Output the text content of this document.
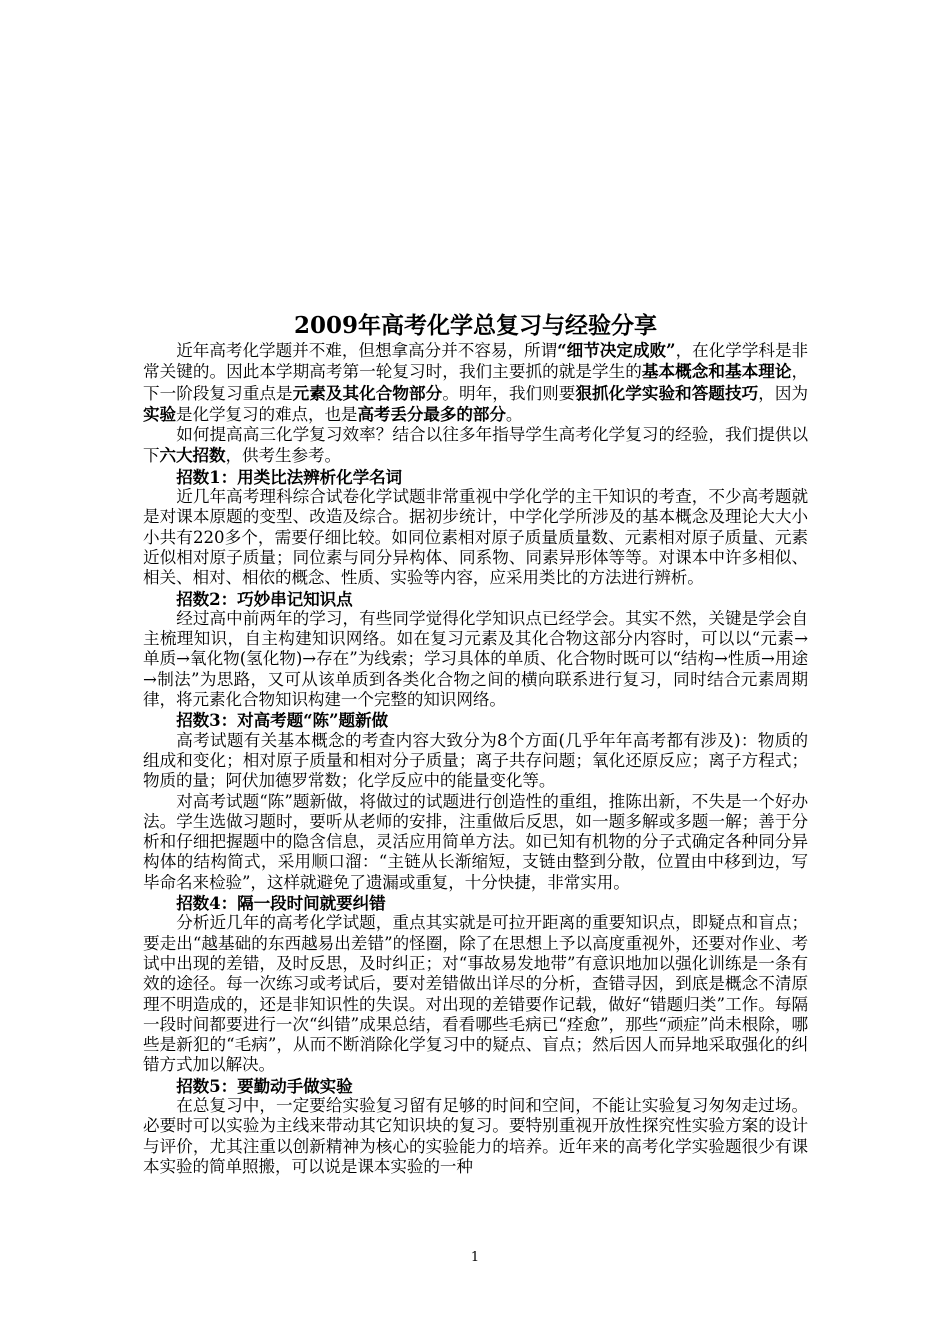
2009年高考化学总复习与经验分享

近年高考化学题并不难，但想拿高分并不容易，所谓“细节决定成败”，在化学学科是非常关键的。因此本学期高考第一轮复习时，我们主要抓的就是学生的基本概念和基本理论，下一阶段复习重点是元素及其化合物部分。明年，我们则要狠抓化学实验和答题技巧，因为实验是化学复习的难点，也是高考丢分最多的部分。

如何提高高三化学复习效率？结合以往多年指导学生高考化学复习的经验，我们提供以下六大招数，供考生参考。

招数1：用类比法辨析化学名词

近几年高考理科综合试卷化学试题非常重视中学化学的主干知识的考查，不少高考题就是对课本原题的变型、改造及综合。据初步统计，中学化学所涉及的基本概念及理论大大小小共有220多个，需要仔细比较。如同位素相对原子质量质量数、元素相对原子质量、元素近似相对原子质量；同位素与同分异构体、同系物、同素异形体等等。对课本中许多相似、相关、相对、相依的概念、性质、实验等内容，应采用类比的方法进行辨析。

招数2：巧妙串记知识点

经过高中前两年的学习，有些同学觉得化学知识点已经学会。其实不然，关键是学会自主梳理知识，自主构建知识网络。如在复习元素及其化合物这部分内容时，可以以“元素→单质→氧化物(氢化物)→存在”为线索；学习具体的单质、化合物时既可以“结构→性质→用途→制法”为思路，又可从该单质到各类化合物之间的横向联系进行复习，同时结合元素周期律，将元素化合物知识构建一个完整的知识网络。

招数3：对高考题“陈”题新做

高考试题有关基本概念的考查内容大致分为8个方面(几乎年年高考都有涉及)：物质的组成和变化；相对原子质量和相对分子质量；离子共存问题；氧化还原反应；离子方程式；物质的量；阿伏加德罗常数；化学反应中的能量变化等。

对高考试题“陈”题新做，将做过的试题进行创造性的重组，推陈出新，不失是一个好办法。学生选做习题时，要听从老师的安排，注重做后反思，如一题多解或多题一解；善于分析和仔细把握题中的隐含信息，灵活应用简单方法。如已知有机物的分子式确定各种同分异构体的结构简式，采用顺口溜：“主链从长渐缩短，支链由整到分散，位置由中移到边，写毕命名来检验”，这样就避免了遗漏或重复，十分快捷，非常实用。

招数4：隔一段时间就要纠错

分析近几年的高考化学试题，重点其实就是可拉开距离的重要知识点，即疑点和盲点；要走出“越基础的东西越易出差错”的怪圈，除了在思想上予以高度重视外，还要对作业、考试中出现的差错，及时反思，及时纠正；对“事故易发地带”有意识地加以强化训练是一条有效的途径。每一次练习或考试后，要对差错做出详尽的分析，查错寻因，到底是概念不清原理不明造成的，还是非知识性的失误。对出现的差错要作记载，做好“错题归类”工作。每隔一段时间都要进行一次“纠错”成果总结，看看哪些毛病已“痊愈”，那些“顽症”尚未根除，哪些是新犯的“毛病”，从而不断消除化学复习中的疑点、盲点；然后因人而异地采取强化的纠错方式加以解决。

招数5：要勤动手做实验

在总复习中，一定要给实验复习留有足够的时间和空间，不能让实验复习匆匆走过场。必要时可以实验为主线来带动其它知识块的复习。要特别重视开放性探究性实验方案的设计与评价，尤其注重以创新精神为核心的实验能力的培养。近年来的高考化学实验题很少有课本实验的简单照搬，可以说是课本实验的一种

1
